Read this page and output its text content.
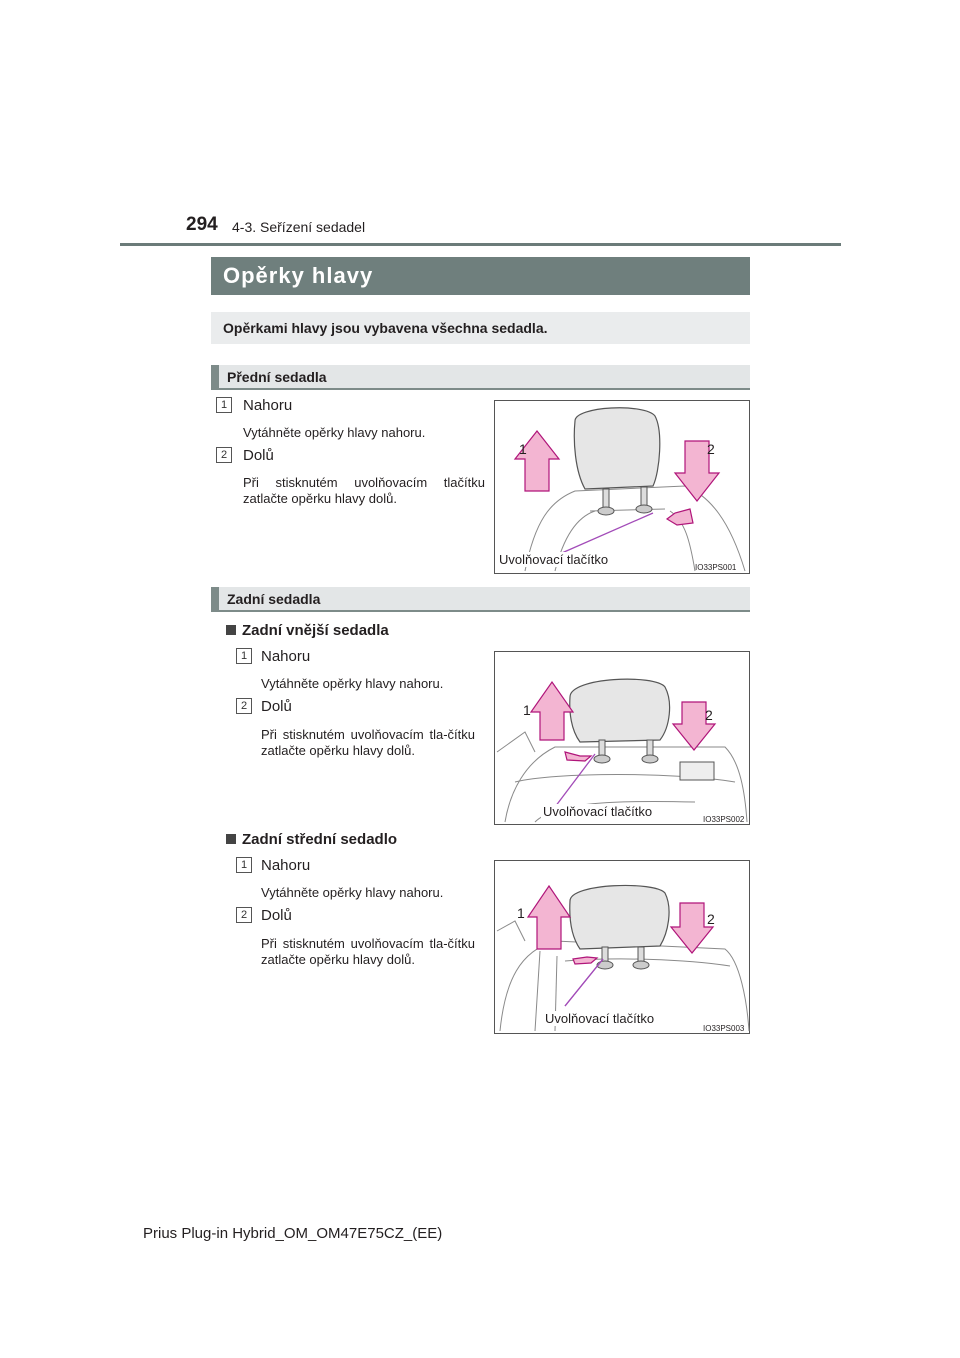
294 4-3. Seřízení sedadel
Opěrky hlavy
Opěrkami hlavy jsou vybavena všechna sedadla.
Přední sedadla
1	Nahoru
Vytáhněte opěrky hlavy nahoru.
2	Dolů
Při stisknutém uvolňovacím tlačítku zatlačte opěrku hlavy dolů.
1	2
Uvolňovací tlačítko
IO33PS001
Zadní sedadla
Zadní vnější sedadla
1 Nahoru
Vytáhněte opěrky hlavy nahoru.
2 Dolů
Při stisknutém uvolňovacím tla-čítku zatlačte opěrku hlavy dolů.
1	2
Uvolňovací tlačítko
IO33PS002
Zadní střední sedadlo
1 Nahoru
Vytáhněte opěrky hlavy nahoru.
2 Dolů
Při stisknutém uvolňovacím tla-čítku zatlačte opěrku hlavy dolů.
1	2
Uvolňovací tlačítko
IO33PS003
Prius Plug-in Hybrid_OM_OM47E75CZ_(EE)
